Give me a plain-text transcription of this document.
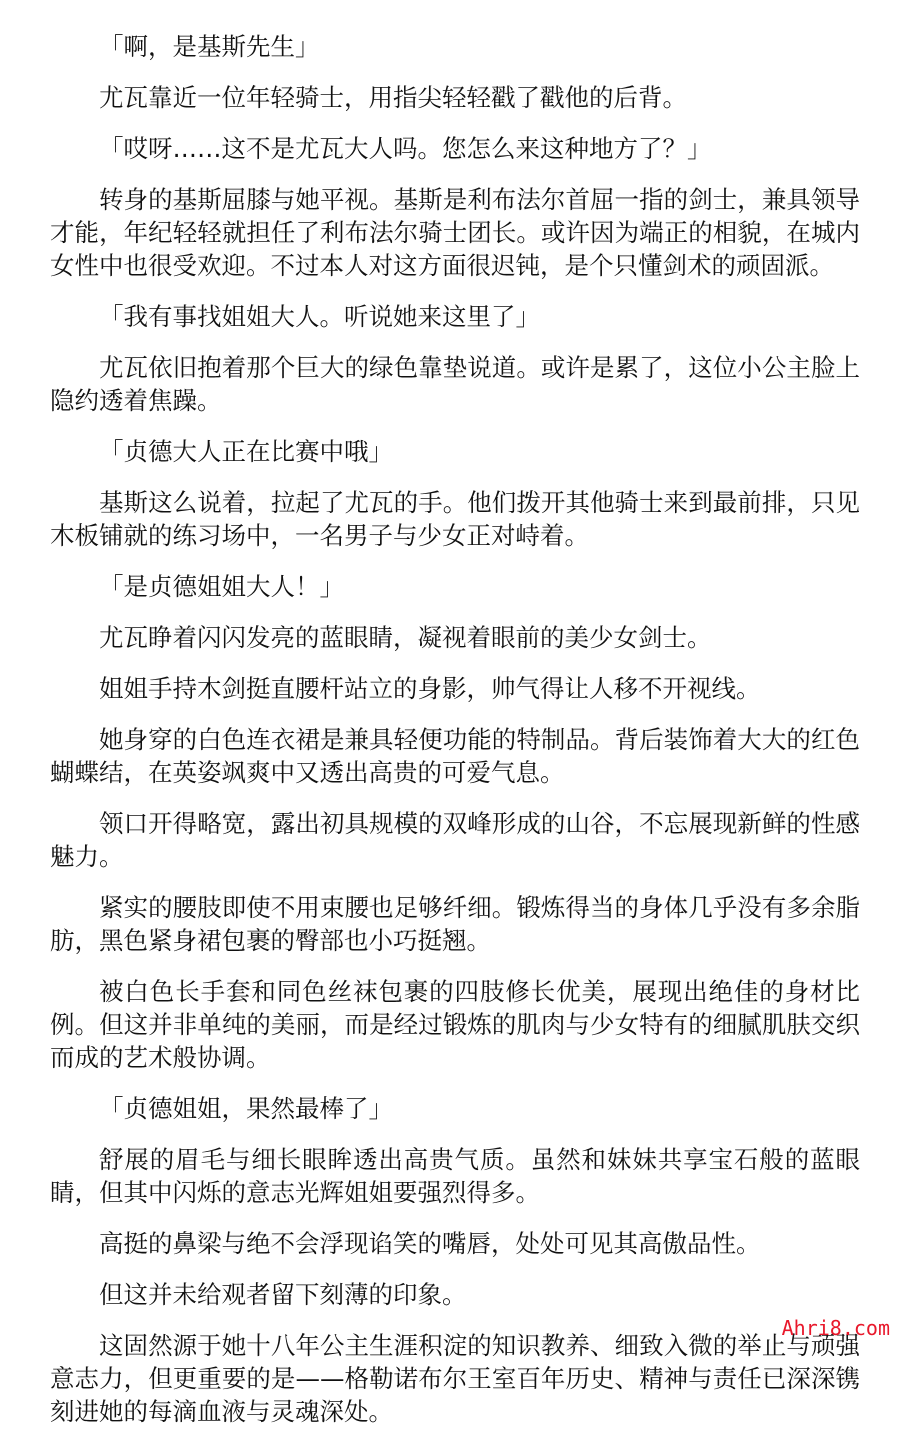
「啊，是基斯先生」

尤瓦靠近一位年轻骑士，用指尖轻轻戳了戳他的后背。

「哎呀……这不是尤瓦大人吗。您怎么来这种地方了？」

转身的基斯屈膝与她平视。基斯是利布法尔首屈一指的剑士，兼具领导才能，年纪轻轻就担任了利布法尔骑士团长。或许因为端正的相貌，在城内女性中也很受欢迎。不过本人对这方面很迟钝，是个只懂剑术的顽固派。

「我有事找姐姐大人。听说她来这里了」

尤瓦依旧抱着那个巨大的绿色靠垫说道。或许是累了，这位小公主脸上隐约透着焦躁。

「贞德大人正在比赛中哦」

基斯这么说着，拉起了尤瓦的手。他们拨开其他骑士来到最前排，只见木板铺就的练习场中，一名男子与少女正对峙着。

「是贞德姐姐大人！」

尤瓦睁着闪闪发亮的蓝眼睛，凝视着眼前的美少女剑士。

姐姐手持木剑挺直腰杆站立的身影，帅气得让人移不开视线。

她身穿的白色连衣裙是兼具轻便功能的特制品。背后装饰着大大的红色蝴蝶结，在英姿飒爽中又透出高贵的可爱气息。

领口开得略宽，露出初具规模的双峰形成的山谷，不忘展现新鲜的性感魅力。

紧实的腰肢即使不用束腰也足够纤细。锻炼得当的身体几乎没有多余脂肪，黑色紧身裙包裹的臀部也小巧挺翘。

被白色长手套和同色丝袜包裹的四肢修长优美，展现出绝佳的身材比例。但这并非单纯的美丽，而是经过锻炼的肌肉与少女特有的细腻肌肤交织而成的艺术般协调。

「贞德姐姐，果然最棒了」

舒展的眉毛与细长眼眸透出高贵气质。虽然和妹妹共享宝石般的蓝眼睛，但其中闪烁的意志光辉姐姐要强烈得多。

高挺的鼻梁与绝不会浮现谄笑的嘴唇，处处可见其高傲品性。

但这并未给观者留下刻薄的印象。

这固然源于她十八年公主生涯积淀的知识教养、细致入微的举止与顽强意志力，但更重要的是——格勒诺布尔王室百年历史、精神与责任已深深镌刻进她的每滴血液与灵魂深处。

Ahri8.com
